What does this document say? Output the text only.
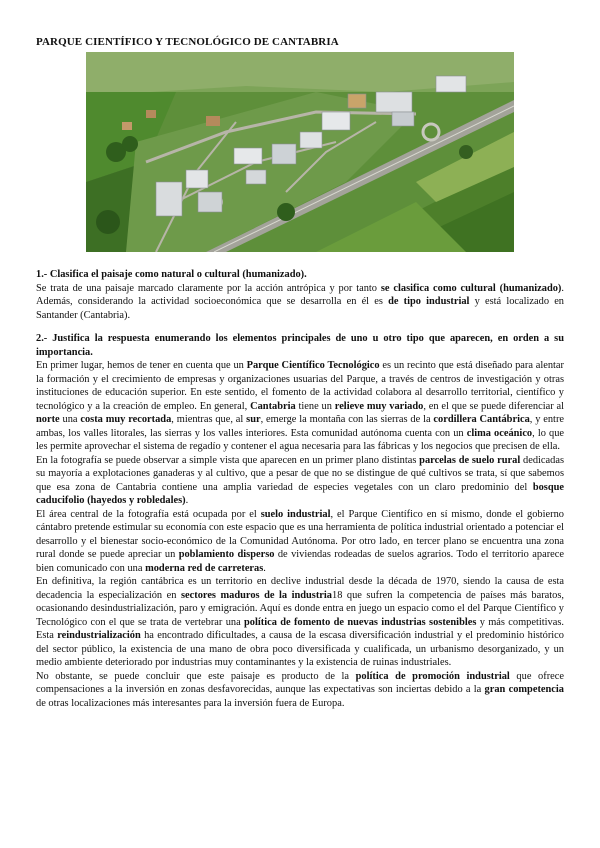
PARQUE CIENTÍFICO Y TECNOLÓGICO DE CANTABRIA

1.- Clasifica el paisaje como natural o cultural (humanizado).

Se trata de una paisaje marcado claramente por la acción antrópica y por tanto se clasifica como cultural (humanizado). Además, considerando la actividad socioeconómica que se desarrolla en él es de tipo industrial y está localizado en Santander (Cantabria).

2.- Justifica la respuesta enumerando los elementos principales de uno u otro tipo que aparecen, en orden a su importancia.

En primer lugar, hemos de tener en cuenta que un Parque Científico Tecnológico es un recinto que está diseñado para alentar la formación y el crecimiento de empresas y organizaciones usuarias del Parque, a través de centros de investigación y otras instituciones de educación superior. En este sentido, el fomento de la actividad colabora al desarrollo territorial, científico y tecnológico y a la creación de empleo. En general, Cantabria tiene un relieve muy variado, en el que se puede diferenciar al norte una costa muy recortada, mientras que, al sur, emerge la montaña con las sierras de la cordillera Cantábrica, y entre ambas, los valles litorales, las sierras y los valles interiores. Esta comunidad autónoma cuenta con un clima oceánico, lo que les permite aprovechar el sistema de regadío y contener el agua necesaria para las fábricas y los negocios que precisen de ella.

En la fotografía se puede observar a simple vista que aparecen en un primer plano distintas parcelas de suelo rural dedicadas su mayoría a explotaciones ganaderas y al cultivo, que a pesar de que no se distingue de qué cultivos se trata, sí que sabemos que esa zona de Cantabria contiene una amplia variedad de especies vegetales con un claro predominio del bosque caducifolio (hayedos y robledales).

El área central de la fotografía está ocupada por el suelo industrial, el Parque Científico en sí mismo, donde el gobierno cántabro pretende estimular su economía con este espacio que es una herramienta de política industrial orientado a potenciar el desarrollo y el bienestar socio-económico de la Comunidad Autónoma. Por otro lado, en tercer plano se encuentra una zona rural donde se puede apreciar un poblamiento disperso de viviendas rodeadas de suelos agrarios. Todo el territorio aparece bien comunicado con una moderna red de carreteras.

En definitiva, la región cantábrica es un territorio en declive industrial desde la década de 1970, siendo la causa de esta decadencia la especialización en sectores maduros de la industria18 que sufren la competencia de países más baratos, ocasionando desindustrialización, paro y emigración. Aquí es donde entra en juego un espacio como el del Parque Científico y Tecnológico con el que se trata de vertebrar una política de fomento de nuevas industrias sostenibles y más competitivas. Esta reindustrialización ha encontrado dificultades, a causa de la escasa diversificación industrial y el predominio histórico del sector público, la existencia de una mano de obra poco diversificada y cualificada, un urbanismo desorganizado, y un medio ambiente deteriorado por industrias muy contaminantes y la existencia de ruinas industriales.

No obstante, se puede concluir que este paisaje es producto de la política de promoción industrial que ofrece compensaciones a la inversión en zonas desfavorecidas, aunque las expectativas son inciertas debido a la gran competencia de otras localizaciones más interesantes para la inversión fuera de Europa.
